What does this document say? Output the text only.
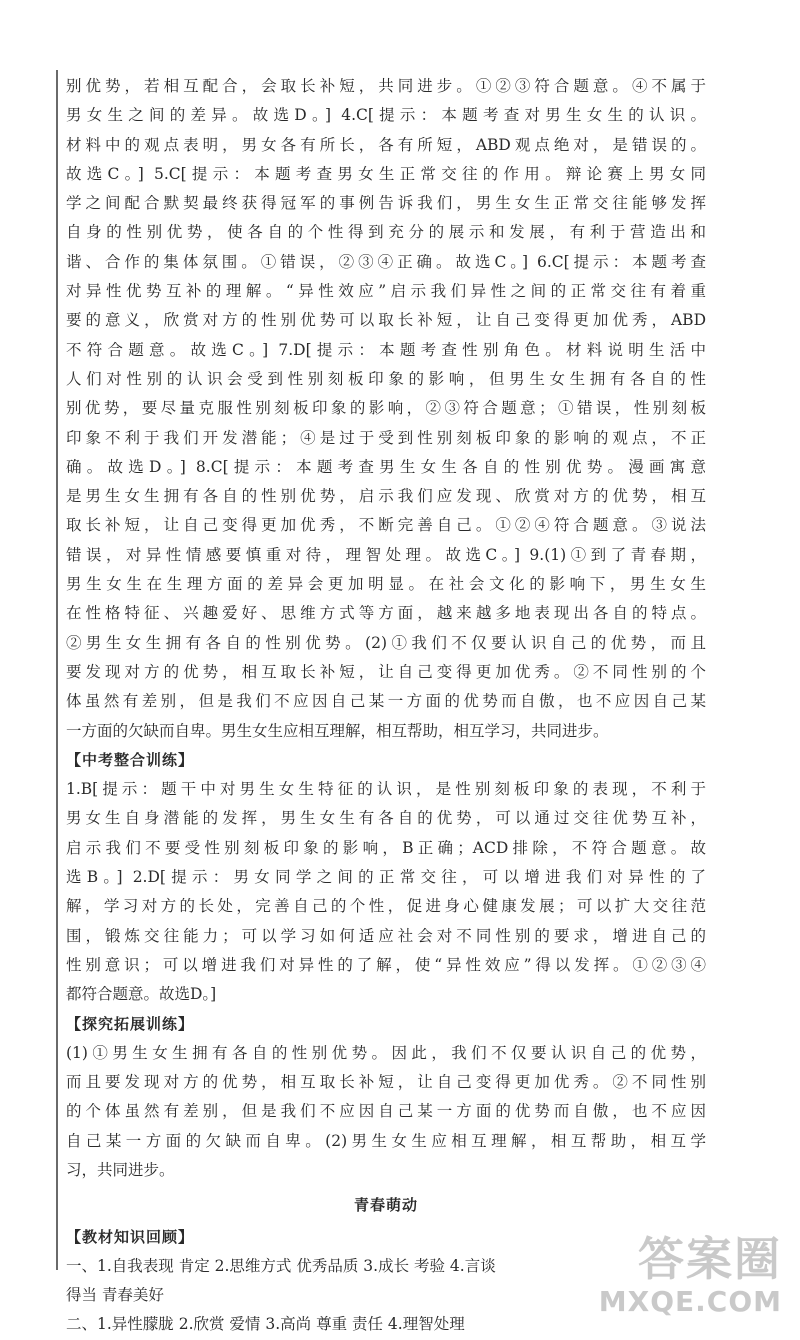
别优势，若相互配合，会取长补短，共同进步。①②③符合题意。④不属于
男女生之间的差异。故选D。] 4.C[提示：本题考查对男生女生的认识。
材料中的观点表明，男女各有所长，各有所短，ABD观点绝对，是错误的。
故选C。] 5.C[提示：本题考查男女生正常交往的作用。辩论赛上男女同
学之间配合默契最终获得冠军的事例告诉我们，男生女生正常交往能够发挥
自身的性别优势，使各自的个性得到充分的展示和发展，有利于营造出和
谐、合作的集体氛围。①错误，②③④正确。故选C。] 6.C[提示：本题考查
对异性优势互补的理解。“异性效应”启示我们异性之间的正常交往有着重
要的意义，欣赏对方的性别优势可以取长补短，让自己变得更加优秀，ABD
不符合题意。故选C。] 7.D[提示：本题考查性别角色。材料说明生活中
人们对性别的认识会受到性别刻板印象的影响，但男生女生拥有各自的性
别优势，要尽量克服性别刻板印象的影响，②③符合题意；①错误，性别刻板
印象不利于我们开发潜能；④是过于受到性别刻板印象的影响的观点，不正
确。故选D。] 8.C[提示：本题考查男生女生各自的性别优势。漫画寓意
是男生女生拥有各自的性别优势，启示我们应发现、欣赏对方的优势，相互
取长补短，让自己变得更加优秀，不断完善自己。①②④符合题意。③说法
错误，对异性情感要慎重对待，理智处理。故选C。] 9.(1)①到了青春期，
男生女生在生理方面的差异会更加明显。在社会文化的影响下，男生女生
在性格特征、兴趣爱好、思维方式等方面，越来越多地表现出各自的特点。
②男生女生拥有各自的性别优势。(2)①我们不仅要认识自己的优势，而且
要发现对方的优势，相互取长补短，让自己变得更加优秀。②不同性别的个
体虽然有差别，但是我们不应因自己某一方面的优势而自傲，也不应因自己某
一方面的欠缺而自卑。男生女生应相互理解，相互帮助，相互学习，共同进步。
【中考整合训练】
1.B[提示：题干中对男生女生特征的认识，是性别刻板印象的表现，不利于
男女生自身潜能的发挥，男生女生有各自的优势，可以通过交往优势互补，
启示我们不要受性别刻板印象的影响，B正确；ACD排除，不符合题意。故
选B。] 2.D[提示：男女同学之间的正常交往，可以增进我们对异性的了
解，学习对方的长处，完善自己的个性，促进身心健康发展；可以扩大交往范
围，锻炼交往能力；可以学习如何适应社会对不同性别的要求，增进自己的
性别意识；可以增进我们对异性的了解，使“异性效应”得以发挥。①②③④
都符合题意。故选D。]
【探究拓展训练】
(1)①男生女生拥有各自的性别优势。因此，我们不仅要认识自己的优势，
而且要发现对方的优势，相互取长补短，让自己变得更加优秀。②不同性别
的个体虽然有差别，但是我们不应因自己某一方面的优势而自傲，也不应因
自己某一方面的欠缺而自卑。(2)男生女生应相互理解，相互帮助，相互学
习，共同进步。
青春萌动
【教材知识回顾】
一、1.自我表现 肯定 2.思维方式 优秀品质 3.成长 考验 4.言谈
得当 青春美好
二、1.异性朦胧 2.欣赏 爱情 3.高尚 尊重 责任 4.理智处理
答案圈
MXQE.COM
